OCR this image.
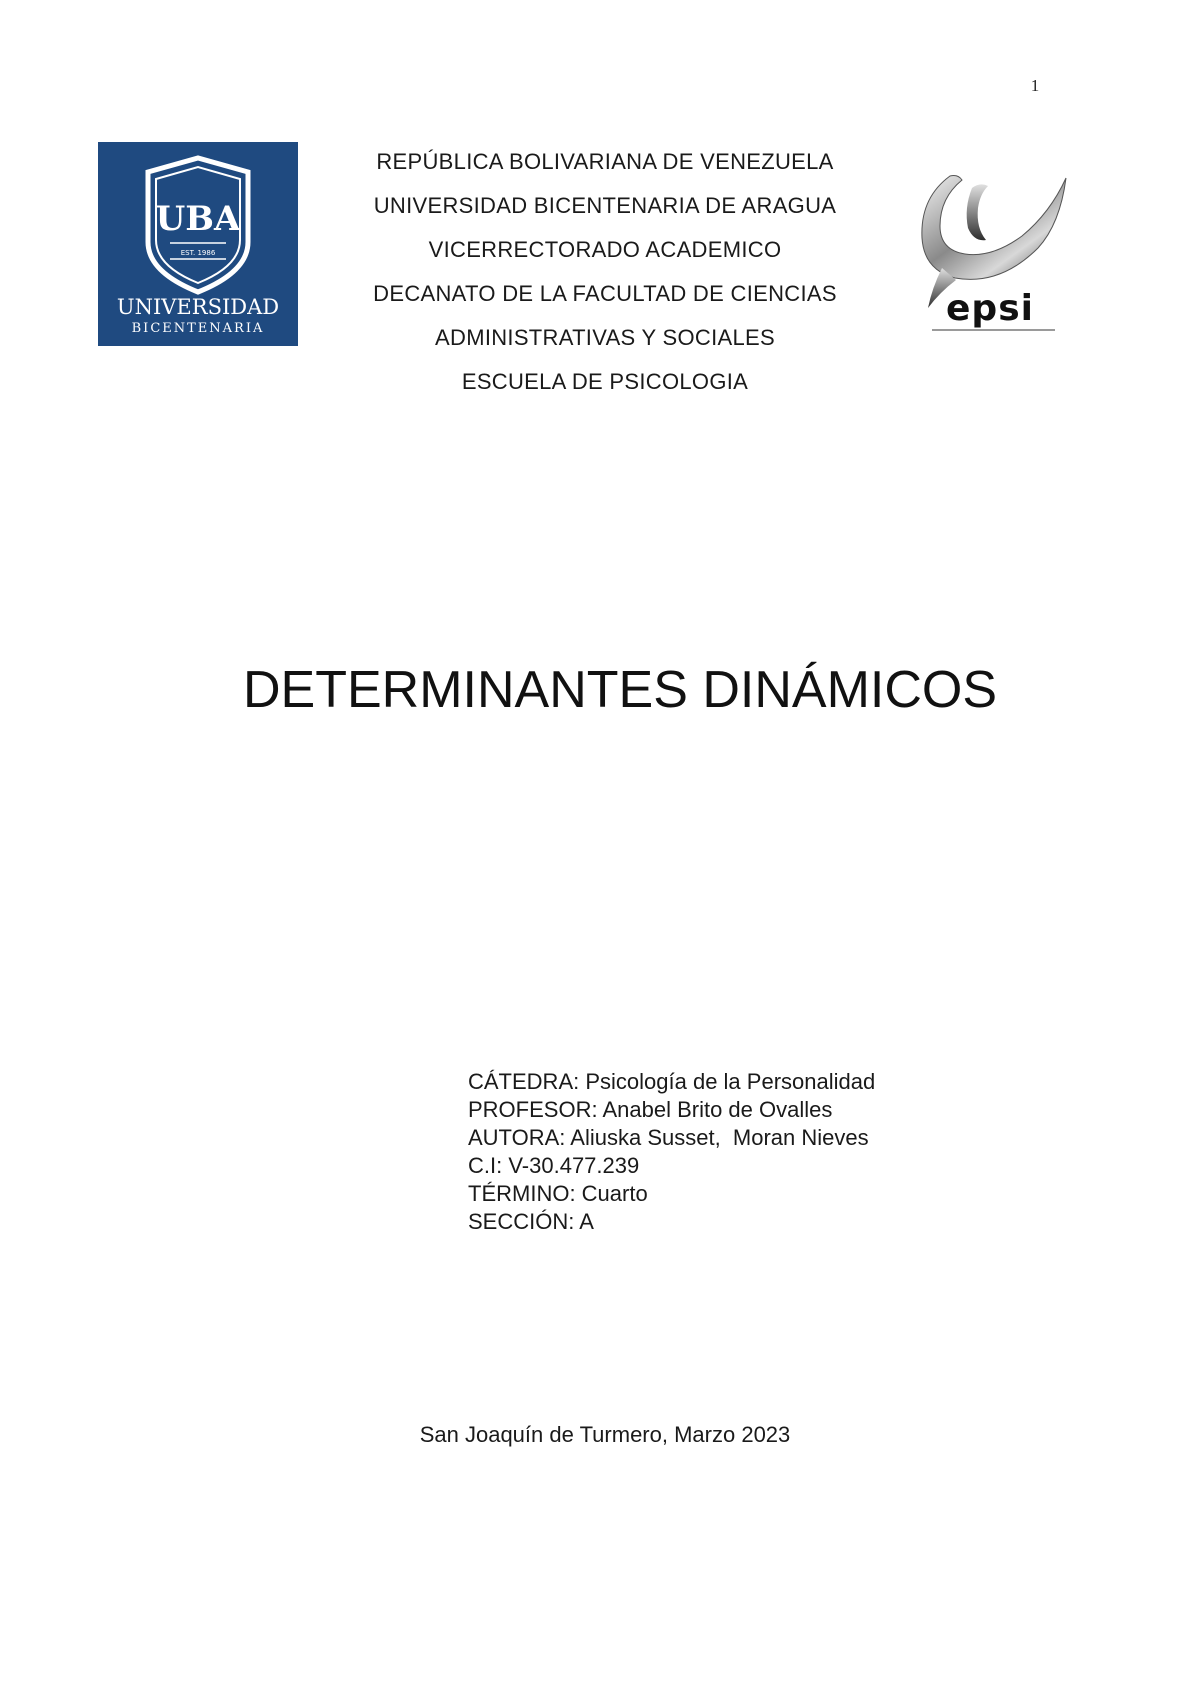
1
UBA
EST. 1986
UNIVERSIDAD
BICENTENARIA
REPÚBLICA BOLIVARIANA DE VENEZUELA
UNIVERSIDAD BICENTENARIA DE ARAGUA
VICERRECTORADO ACADEMICO
DECANATO DE LA FACULTAD DE CIENCIAS
ADMINISTRATIVAS Y SOCIALES
ESCUELA DE PSICOLOGIA
epsi
DETERMINANTES DINÁMICOS
CÁTEDRA: Psicología de la Personalidad
PROFESOR: Anabel Brito de Ovalles
AUTORA: Aliuska Susset,  Moran Nieves
C.I: V-30.477.239
TÉRMINO: Cuarto
SECCIÓN: A
San Joaquín de Turmero, Marzo 2023
